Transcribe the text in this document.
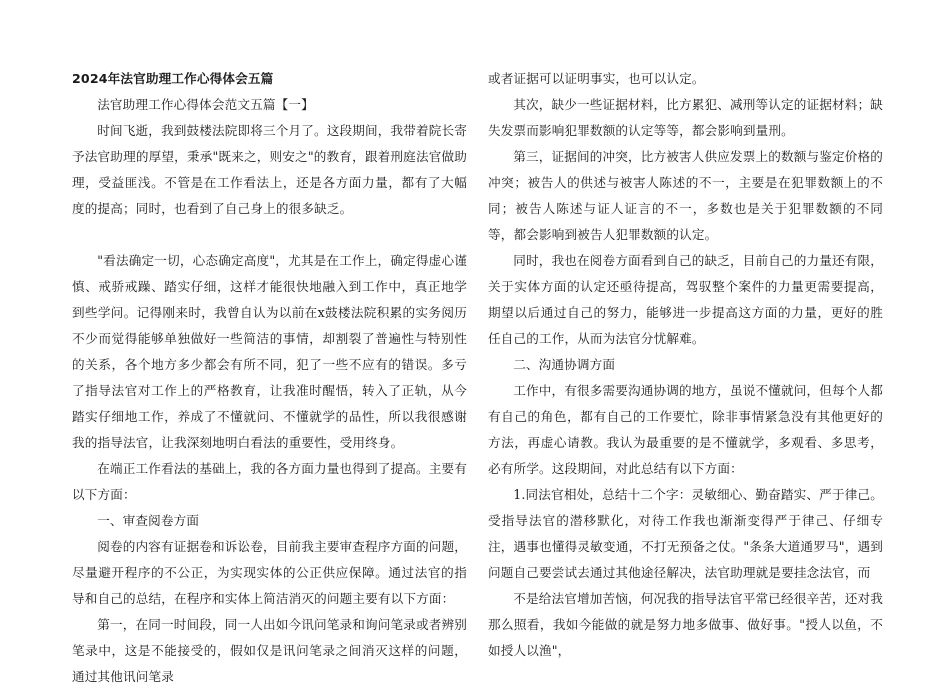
2024年法官助理工作心得体会五篇

法官助理工作心得体会范文五篇【一】

时间飞逝，我到鼓楼法院即将三个月了。这段期间，我带着院长寄予法官助理的厚望，秉承"既来之，则安之"的教育，跟着刑庭法官做助理，受益匪浅。不管是在工作看法上，还是各方面力量，都有了大幅度的提高；同时，也看到了自己身上的很多缺乏。

"看法确定一切，心态确定高度"，尤其是在工作上，确定得虚心谨慎、戒骄戒躁、踏实仔细，这样才能很快地融入到工作中，真正地学到些学问。记得刚来时，我曾自认为以前在x鼓楼法院积累的实务阅历不少而觉得能够单独做好一些简洁的事情，却割裂了普遍性与特别性的关系，各个地方多少都会有所不同，犯了一些不应有的错误。多亏了指导法官对工作上的严格教育，让我准时醒悟，转入了正轨，从今踏实仔细地工作，养成了不懂就问、不懂就学的品性，所以我很感谢我的指导法官，让我深刻地明白看法的重要性，受用终身。

在端正工作看法的基础上，我的各方面力量也得到了提高。主要有以下方面：

一、审查阅卷方面

阅卷的内容有证据卷和诉讼卷，目前我主要审查程序方面的问题，尽量避开程序的不公正，为实现实体的公正供应保障。通过法官的指导和自己的总结，在程序和实体上简洁消灭的问题主要有以下方面：

第一，在同一时间段，同一人出如今讯问笔录和询问笔录或者辨别笔录中，这是不能接受的，假如仅是讯问笔录之间消灭这样的问题，通过其他讯问笔录

或者证据可以证明事实，也可以认定。

其次，缺少一些证据材料，比方累犯、减刑等认定的证据材料；缺失发票而影响犯罪数额的认定等等，都会影响到量刑。

第三，证据间的冲突，比方被害人供应发票上的数额与鉴定价格的冲突；被告人的供述与被害人陈述的不一，主要是在犯罪数额上的不同；被告人陈述与证人证言的不一，多数也是关于犯罪数额的不同等，都会影响到被告人犯罪数额的认定。

同时，我也在阅卷方面看到自己的缺乏，目前自己的力量还有限，关于实体方面的认定还亟待提高，驾驭整个案件的力量更需要提高，期望以后通过自己的努力，能够进一步提高这方面的力量，更好的胜任自己的工作，从而为法官分忧解难。

二、沟通协调方面

工作中，有很多需要沟通协调的地方，虽说不懂就问，但每个人都有自己的角色，都有自己的工作要忙，除非事情紧急没有其他更好的方法，再虚心请教。我认为最重要的是不懂就学，多观看、多思考，必有所学。这段期间，对此总结有以下方面：

1.同法官相处，总结十二个字：灵敏细心、勤奋踏实、严于律己。受指导法官的潜移默化，对待工作我也渐渐变得严于律己、仔细专注，遇事也懂得灵敏变通，不打无预备之仗。"条条大道通罗马"，遇到问题自己要尝试去通过其他途径解决，法官助理就是要挂念法官，而

不是给法官增加苦恼，何况我的指导法官平常已经很辛苦，还对我那么照看，我如今能做的就是努力地多做事、做好事。"授人以鱼，不如授人以渔"，
